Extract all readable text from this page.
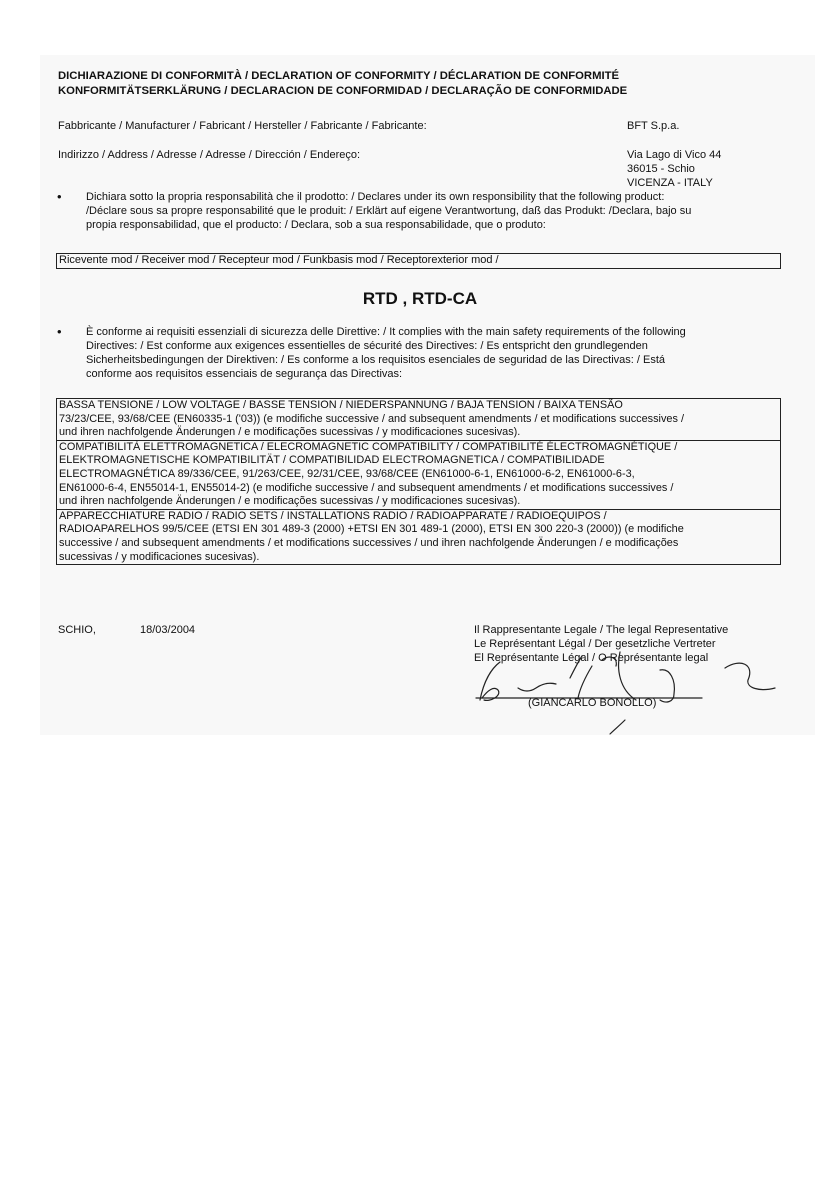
DICHIARAZIONE DI CONFORMITÀ / DECLARATION OF CONFORMITY / DÉCLARATION DE CONFORMITÉ
KONFORMITÄTSERKLÄRUNG / DECLARACION DE CONFORMIDAD / DECLARAÇÃO DE CONFORMIDADE
Fabbricante / Manufacturer / Fabricant / Hersteller / Fabricante / Fabricante:	BFT S.p.a.
Indirizzo / Address / Adresse / Adresse / Dirección / Endereço:	Via Lago di Vico 44
36015 - Schio
VICENZA - ITALY
• Dichiara sotto la propria responsabilità che il prodotto: / Declares under its own responsibility that the following product:
/Déclare sous sa propre responsabilité que le produit: / Erklärt auf eigene Verantwortung, daß das Produkt: /Declara, bajo su
propia responsabilidad, que el producto: / Declara, sob a sua responsabilidade, que o produto:
Ricevente mod / Receiver mod / Recepteur mod / Funkbasis mod / Receptorexterior mod /
RTD , RTD-CA
• È conforme ai requisiti essenziali di sicurezza delle Direttive: / It complies with the main safety requirements of the following
Directives: / Est conforme aux exigences essentielles de sécurité des Directives: / Es entspricht den grundlegenden
Sicherheitsbedingungen der Direktiven: / Es conforme a los requisitos esenciales de seguridad de las Directivas: / Está
conforme aos requisitos essenciais de segurança das Directivas:
BASSA TENSIONE / LOW VOLTAGE / BASSE TENSION / NIEDERSPANNUNG / BAJA TENSION / BAIXA TENSÃO
73/23/CEE, 93/68/CEE (EN60335-1 ('03)) (e modifiche successive / and subsequent amendments / et modifications successives /
und ihren nachfolgende Änderungen / e modificações sucessivas / y modificaciones sucesivas).
COMPATIBILITÀ ELETTROMAGNETICA / ELECROMAGNETIC COMPATIBILITY / COMPATIBILITÉ ÉLECTROMAGNÉTIQUE /
ELEKTROMAGNETISCHE KOMPATIBILITÄT / COMPATIBILIDAD ELECTROMAGNETICA / COMPATIBILIDADE
ELECTROMAGNÉTICA 89/336/CEE, 91/263/CEE, 92/31/CEE, 93/68/CEE (EN61000-6-1, EN61000-6-2, EN61000-6-3,
EN61000-6-4, EN55014-1, EN55014-2) (e modifiche successive / and subsequent amendments / et modifications successives /
und ihren nachfolgende Änderungen / e modificações sucessivas / y modificaciones sucesivas).
APPARECCHIATURE RADIO / RADIO SETS / INSTALLATIONS RADIO / RADIOAPPARATE / RADIOEQUIPOS /
RADIOAPARELHOS 99/5/CEE (ETSI EN 301 489-3 (2000) +ETSI EN 301 489-1 (2000), ETSI EN 300 220-3 (2000)) (e modifiche
successive / and subsequent amendments / et modifications successives / und ihren nachfolgende Änderungen / e modificações
sucessivas / y modificaciones sucesivas).
SCHIO,	18/03/2004	Il Rappresentante Legale / The legal Representative
Le Représentant Légal / Der gesetzliche Vertreter
El Représentante Légal / O Représentante legal
(GIANCARLO BONOLLO)
